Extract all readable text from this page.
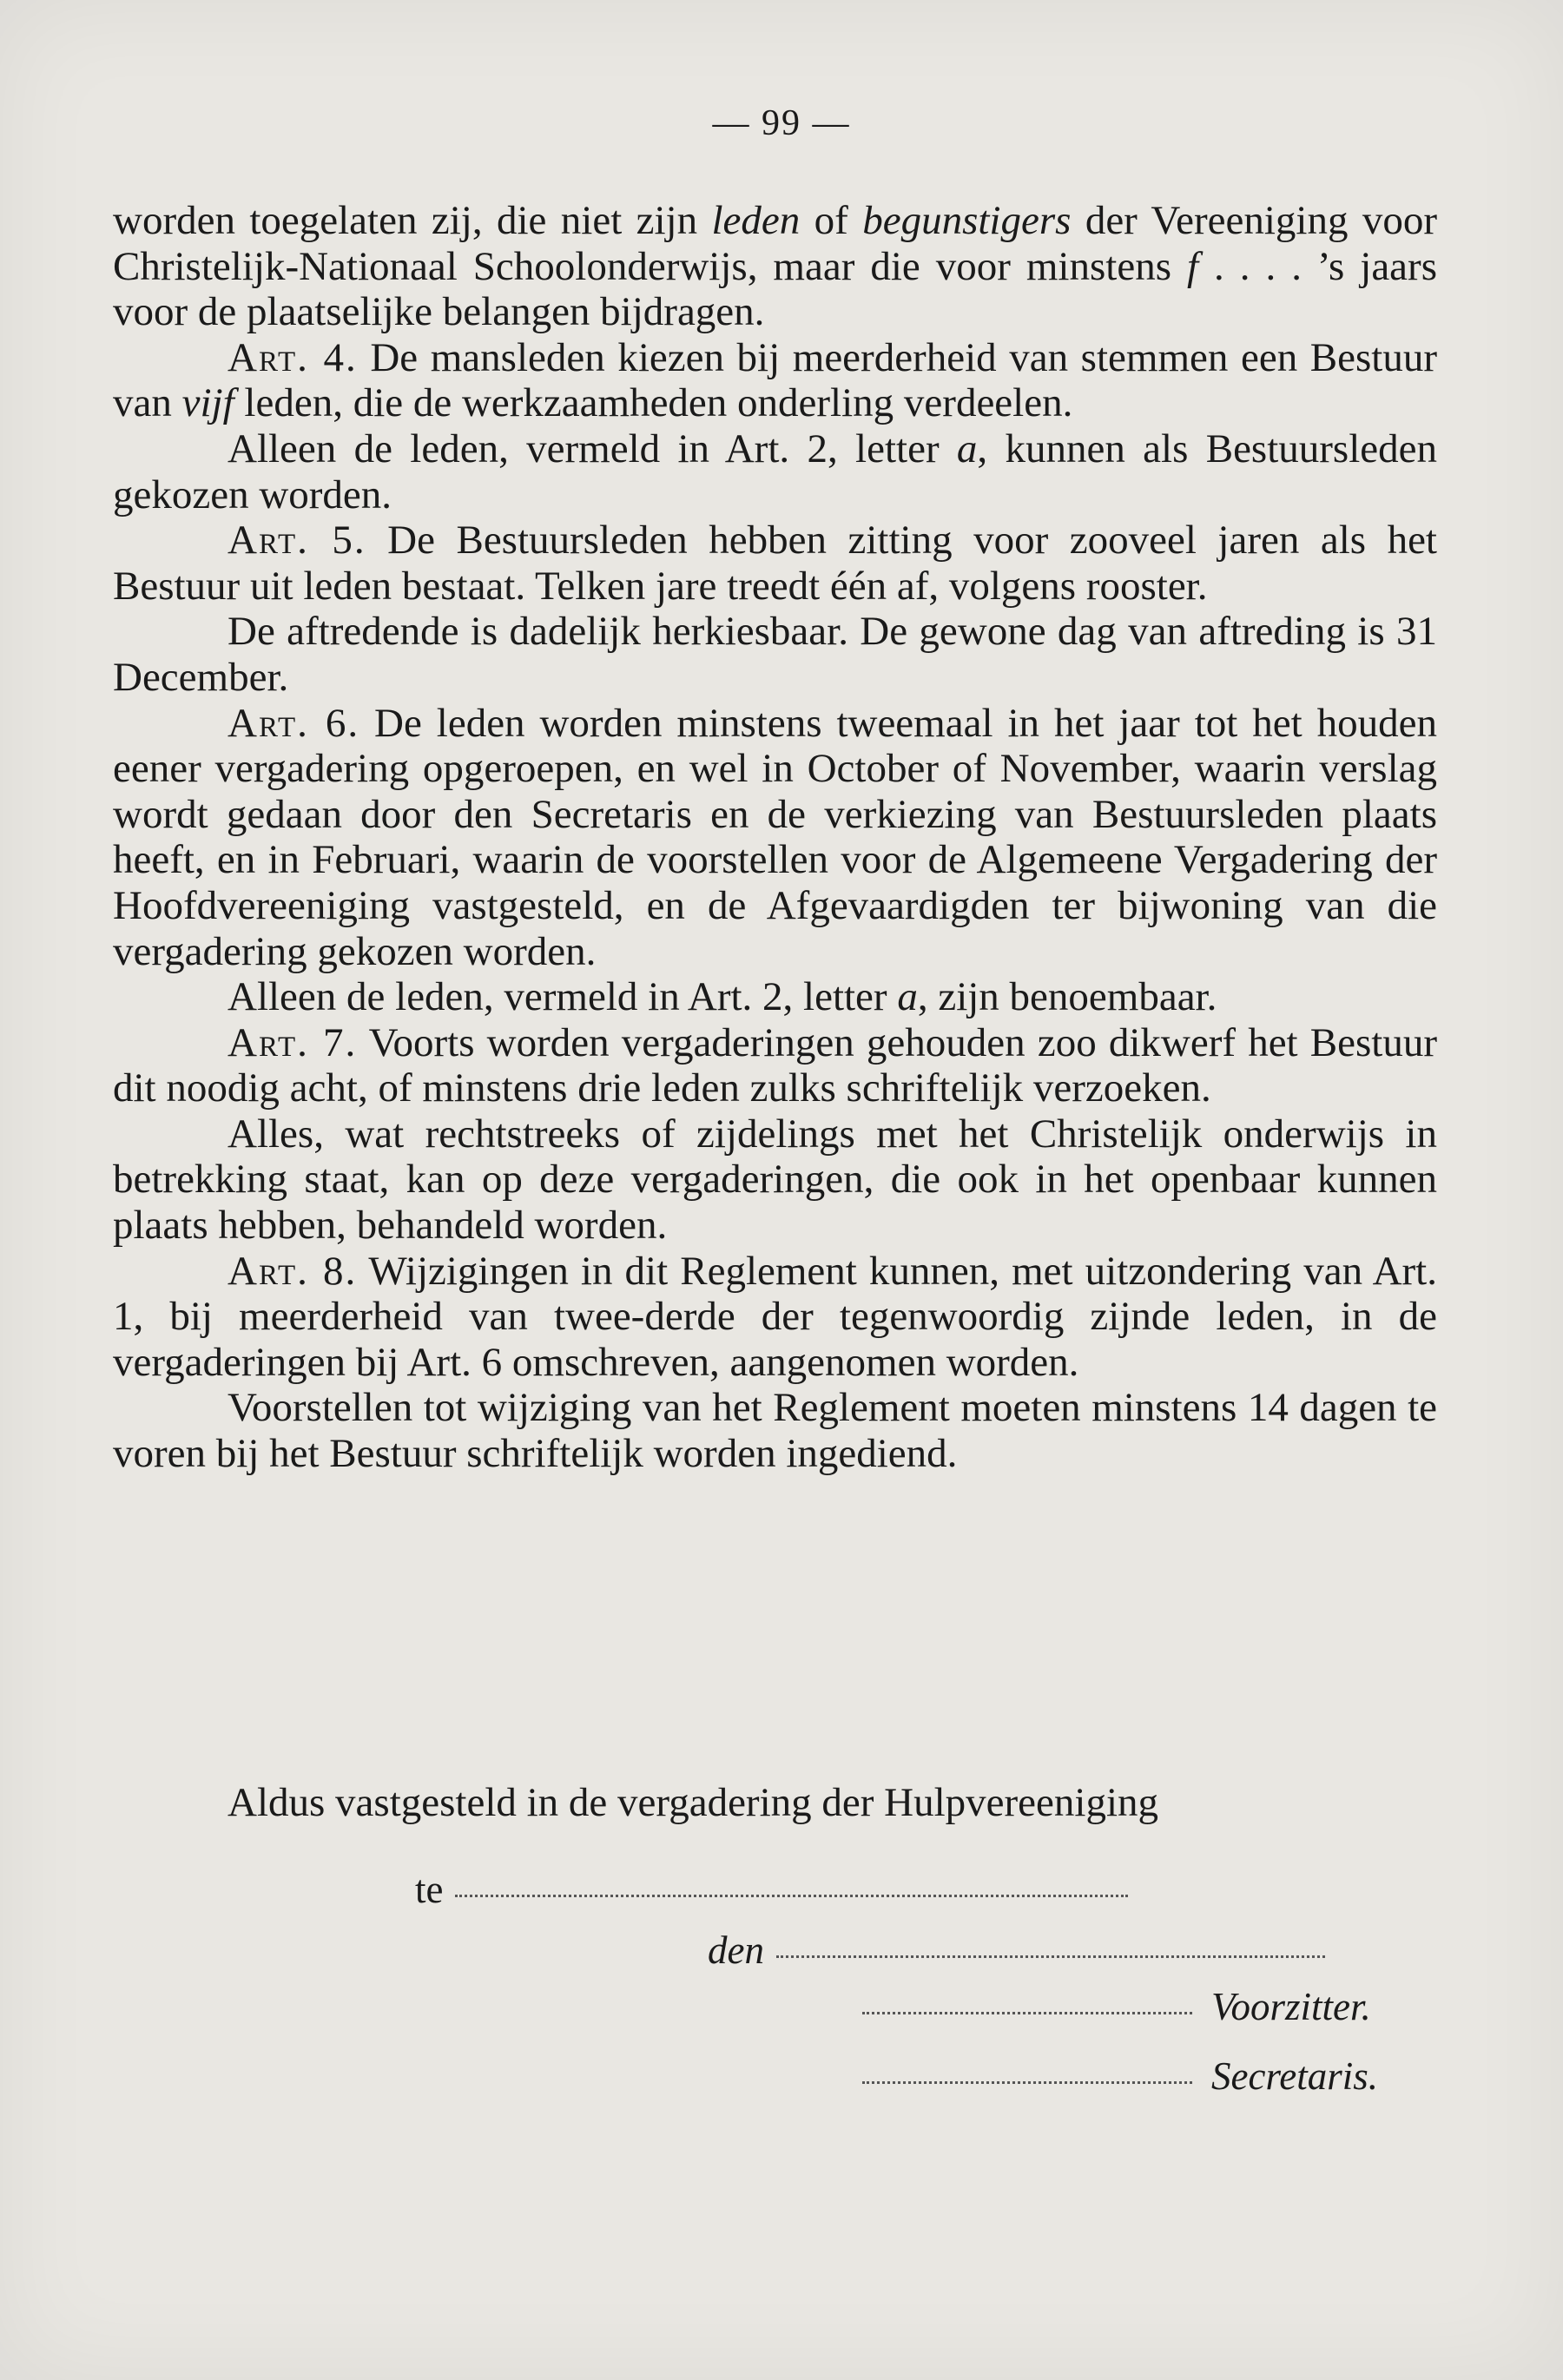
— 99 —

worden toegelaten zij, die niet zijn leden of begunstigers der Vereeniging voor Christelijk-Nationaal Schoolonderwijs, maar die voor minstens f . . . . ’s jaars voor de plaatselijke belangen bijdragen.

Art. 4. De mansleden kiezen bij meerderheid van stemmen een Bestuur van vijf leden, die de werkzaamheden onderling verdeelen.

Alleen de leden, vermeld in Art. 2, letter a, kunnen als Bestuursleden gekozen worden.

Art. 5. De Bestuursleden hebben zitting voor zooveel jaren als het Bestuur uit leden bestaat. Telken jare treedt één af, volgens rooster.

De aftredende is dadelijk herkiesbaar. De gewone dag van aftreding is 31 December.

Art. 6. De leden worden minstens tweemaal in het jaar tot het houden eener vergadering opgeroepen, en wel in October of November, waarin verslag wordt gedaan door den Secretaris en de verkiezing van Bestuursleden plaats heeft, en in Februari, waarin de voorstellen voor de Algemeene Vergadering der Hoofdvereeniging vastgesteld, en de Afgevaardigden ter bijwoning van die vergadering gekozen worden.

Alleen de leden, vermeld in Art. 2, letter a, zijn benoembaar.

Art. 7. Voorts worden vergaderingen gehouden zoo dikwerf het Bestuur dit noodig acht, of minstens drie leden zulks schriftelijk verzoeken.

Alles, wat rechtstreeks of zijdelings met het Christelijk onderwijs in betrekking staat, kan op deze vergaderingen, die ook in het openbaar kunnen plaats hebben, behandeld worden.

Art. 8. Wijzigingen in dit Reglement kunnen, met uitzondering van Art. 1, bij meerderheid van twee-derde der tegenwoordig zijnde leden, in de vergaderingen bij Art. 6 omschreven, aangenomen worden.

Voorstellen tot wijziging van het Reglement moeten minstens 14 dagen te voren bij het Bestuur schriftelijk worden ingediend.

Aldus vastgesteld in de vergadering der Hulpvereeniging
te
den
Voorzitter.
Secretaris.
